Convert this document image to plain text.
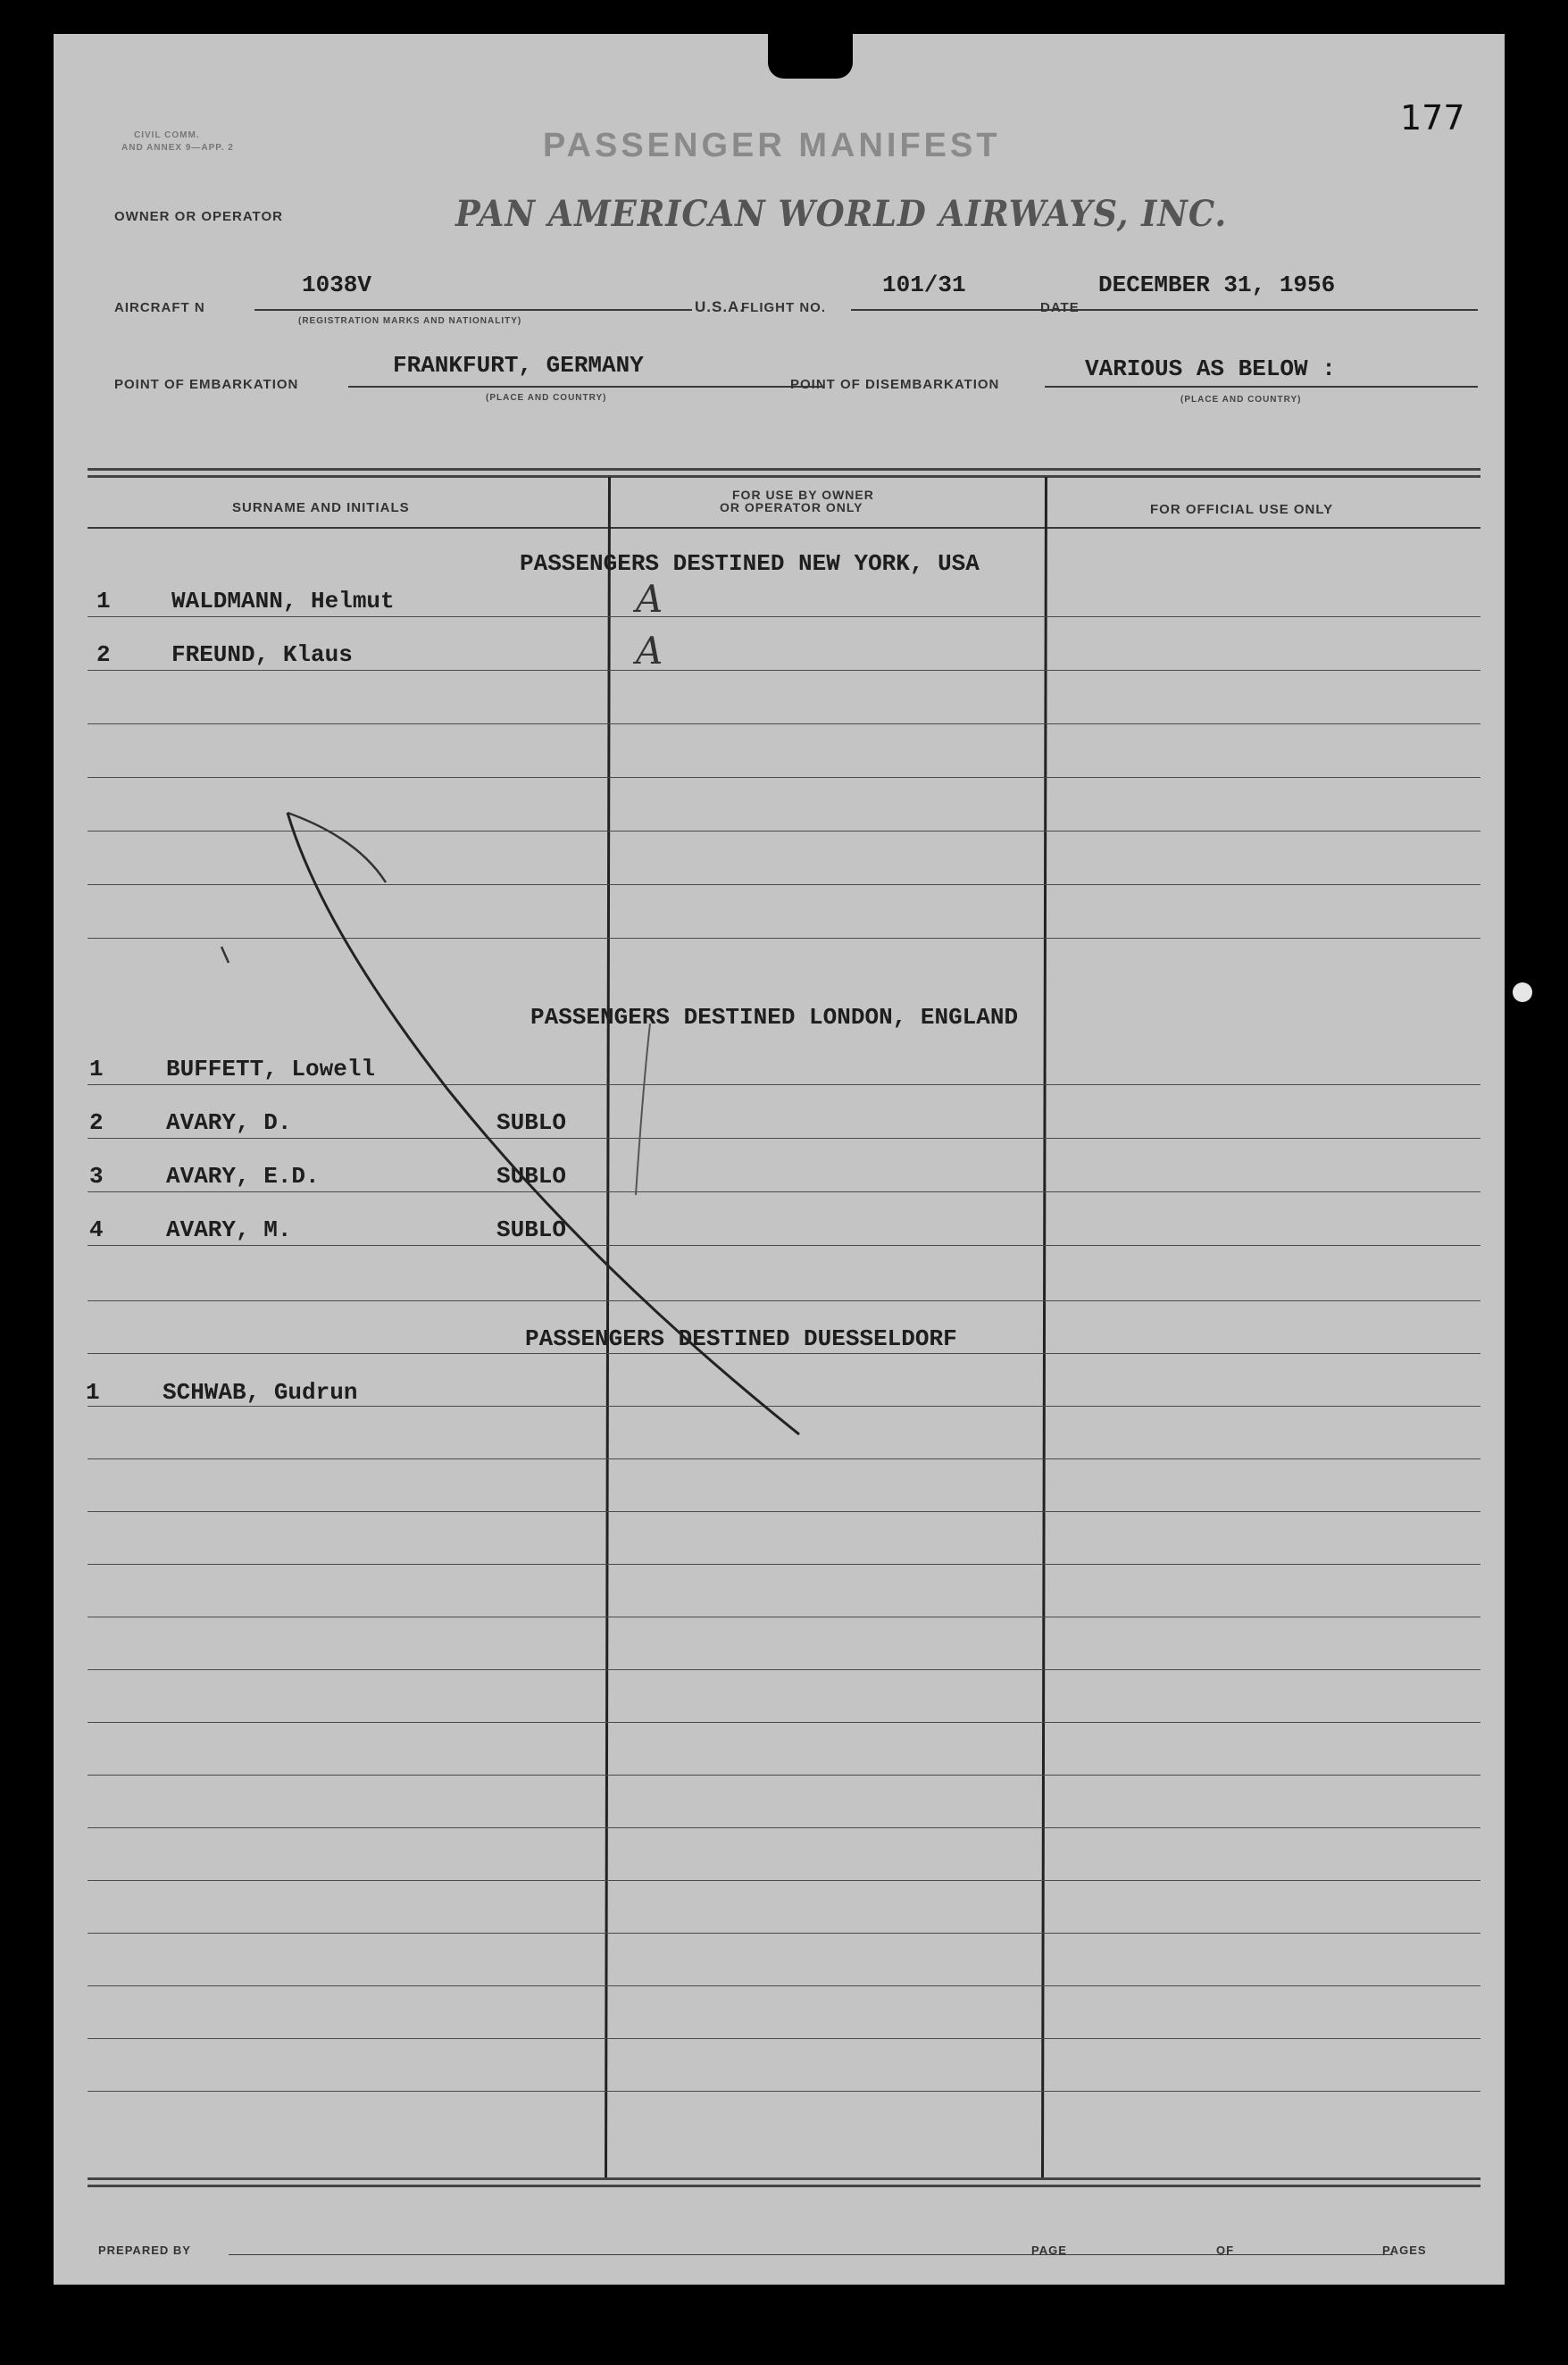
177
CIVIL COMM.
AND ANNEX 9—APP. 2	PASSENGER MANIFEST
OWNER OR OPERATOR	PAN AMERICAN WORLD AIRWAYS, INC.
AIRCRAFT N
1038V
(REGISTRATION MARKS AND NATIONALITY)
U.S.A.
FLIGHT NO.
101/31
DATE
DECEMBER 31, 1956
POINT OF EMBARKATION
FRANKFURT, GERMANY
(PLACE AND COUNTRY)
POINT OF DISEMBARKATION
VARIOUS AS BELOW :
(PLACE AND COUNTRY)
SURNAME AND INITIALS
FOR USE BY OWNER
OR OPERATOR ONLY	FOR OFFICIAL USE ONLY
PASSENGERS DESTINED NEW YORK, USA
1	WALDMANN, Helmut	A
2	FREUND, Klaus	A
PASSENGERS DESTINED LONDON, ENGLAND
1	BUFFETT, Lowell
2	AVARY, D.	SUBLO
3	AVARY, E.D.	SUBLO
4	AVARY, M.	SUBLO
PASSENGERS DESTINED DUESSELDORF
1	SCHWAB, Gudrun
PREPARED BY	PAGE	OF	PAGES
